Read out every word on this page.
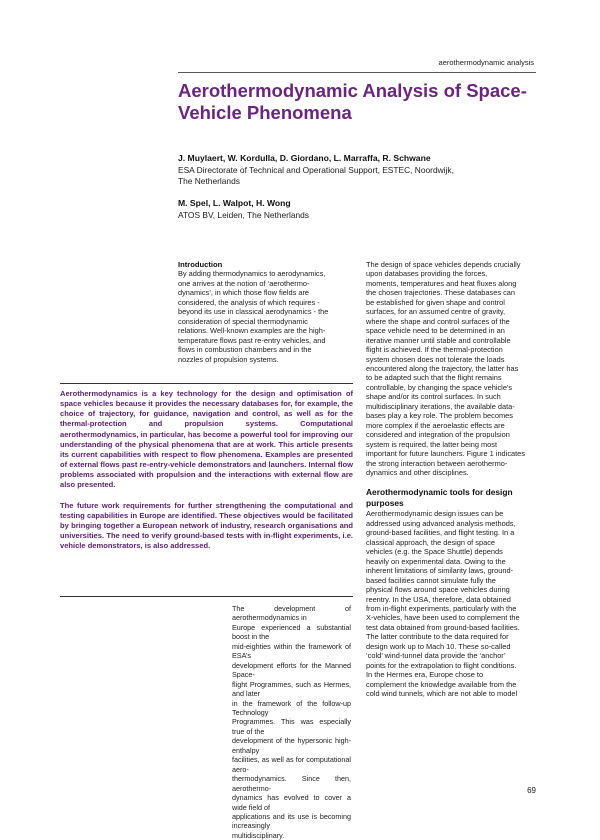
aerothermodynamic analysis
Aerothermodynamic Analysis of Space-
Vehicle Phenomena
J. Muylaert, W. Kordulla, D. Giordano, L. Marraffa, R. Schwane
ESA Directorate of Technical and Operational Support, ESTEC, Noordwijk,
The Netherlands
M. Spel, L. Walpot, H. Wong
ATOS BV, Leiden, The Netherlands
Introduction
By adding thermodynamics to aerodynamics,
one arrives at the notion of ‘aerothermo-
dynamics’, in which those flow fields are
considered, the analysis of which requires -
beyond its use in classical aerodynamics - the
consideration of special thermodynamic
relations. Well-known examples are the high-
temperature flows past re-entry vehicles, and
flows in combustion chambers and in the
nozzles of propulsion systems.

Aerothermodynamics is a key technology for the design and optimisation of space vehicles because it provides the necessary databases for, for example, the choice of trajectory, for guidance, navigation and control, as well as for the thermal-protection and propulsion systems. Computational aerothermodynamics, in particular, has become a powerful tool for improving our understanding of the physical phenomena that are at work. This article presents its current capabilities with respect to flow phenomena. Examples are presented of external flows past re-entry-vehicle demonstrators and launchers. Internal flow problems associated with propulsion and the interactions with external flow are also presented.

The future work requirements for further strengthening the computational and testing capabilities in Europe are identified. These objectives would be facilitated by bringing together a European network of industry, research organisations and universities. The need to verify ground-based tests with in-flight experiments, i.e. vehicle demonstrators, is also addressed.

The development of aerothermodynamics in
Europe experienced a substantial boost in the
mid-eighties within the framework of ESA’s
development efforts for the Manned Space-
flight Programmes, such as Hermes, and later
in the framework of the follow-up Technology
Programmes. This was especially true of the
development of the hypersonic high-enthalpy
facilities, as well as for computational aero-
thermodynamics. Since then, aerothermo-
dynamics has evolved to cover a wide field of
applications and its use is becoming increasingly
multidisciplinary.
The design of space vehicles depends crucially
upon databases providing the forces,
moments, temperatures and heat fluxes along
the chosen trajectories. These databases can
be established for given shape and control
surfaces, for an assumed centre of gravity,
where the shape and control surfaces of the
space vehicle need to be determined in an
iterative manner until stable and controllable
flight is achieved. If the thermal-protection
system chosen does not tolerate the loads
encountered along the trajectory, the latter has
to be adapted such that the flight remains
controllable, by changing the space vehicle’s
shape and/or its control surfaces. In such
multidisciplinary iterations, the available data-
bases play a key role. The problem becomes
more complex if the aeroelastic effects are
considered and integration of the propulsion
system is required, the latter being most
important for future launchers. Figure 1 indicates
the strong interaction between aerothermo-
dynamics and other disciplines.
Aerothermodynamic tools for design
purposes
Aerothermodynamic design issues can be
addressed using advanced analysis methods,
ground-based facilities, and flight testing. In a
classical approach, the design of space
vehicles (e.g. the Space Shuttle) depends
heavily on experimental data. Owing to the
inherent limitations of similarity laws, ground-
based facilities cannot simulate fully the
physical flows around space vehicles during
reentry. In the USA, therefore, data obtained
from in-flight experiments, particularly with the
X-vehicles, have been used to complement the
test data obtained from ground-based facilities.
The latter contribute to the data required for
design work up to Mach 10. These so-called
‘cold’ wind-tunnel data provide the ‘anchor’
points for the extrapolation to flight conditions.
In the Hermes era, Europe chose to
complement the knowledge available from the
cold wind tunnels, which are not able to model
69
